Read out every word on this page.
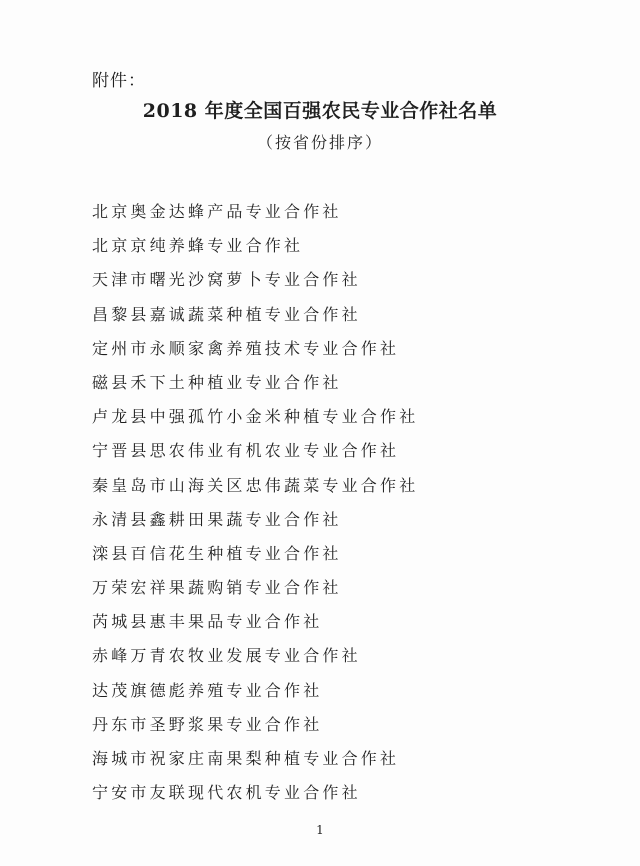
附件：
2018 年度全国百强农民专业合作社名单
（按省份排序）
北京奥金达蜂产品专业合作社
北京京纯养蜂专业合作社
天津市曙光沙窝萝卜专业合作社
昌黎县嘉诚蔬菜种植专业合作社
定州市永顺家禽养殖技术专业合作社
磁县禾下土种植业专业合作社
卢龙县中强孤竹小金米种植专业合作社
宁晋县思农伟业有机农业专业合作社
秦皇岛市山海关区忠伟蔬菜专业合作社
永清县鑫耕田果蔬专业合作社
滦县百信花生种植专业合作社
万荣宏祥果蔬购销专业合作社
芮城县惠丰果品专业合作社
赤峰万青农牧业发展专业合作社
达茂旗德彪养殖专业合作社
丹东市圣野浆果专业合作社
海城市祝家庄南果梨种植专业合作社
宁安市友联现代农机专业合作社
1
